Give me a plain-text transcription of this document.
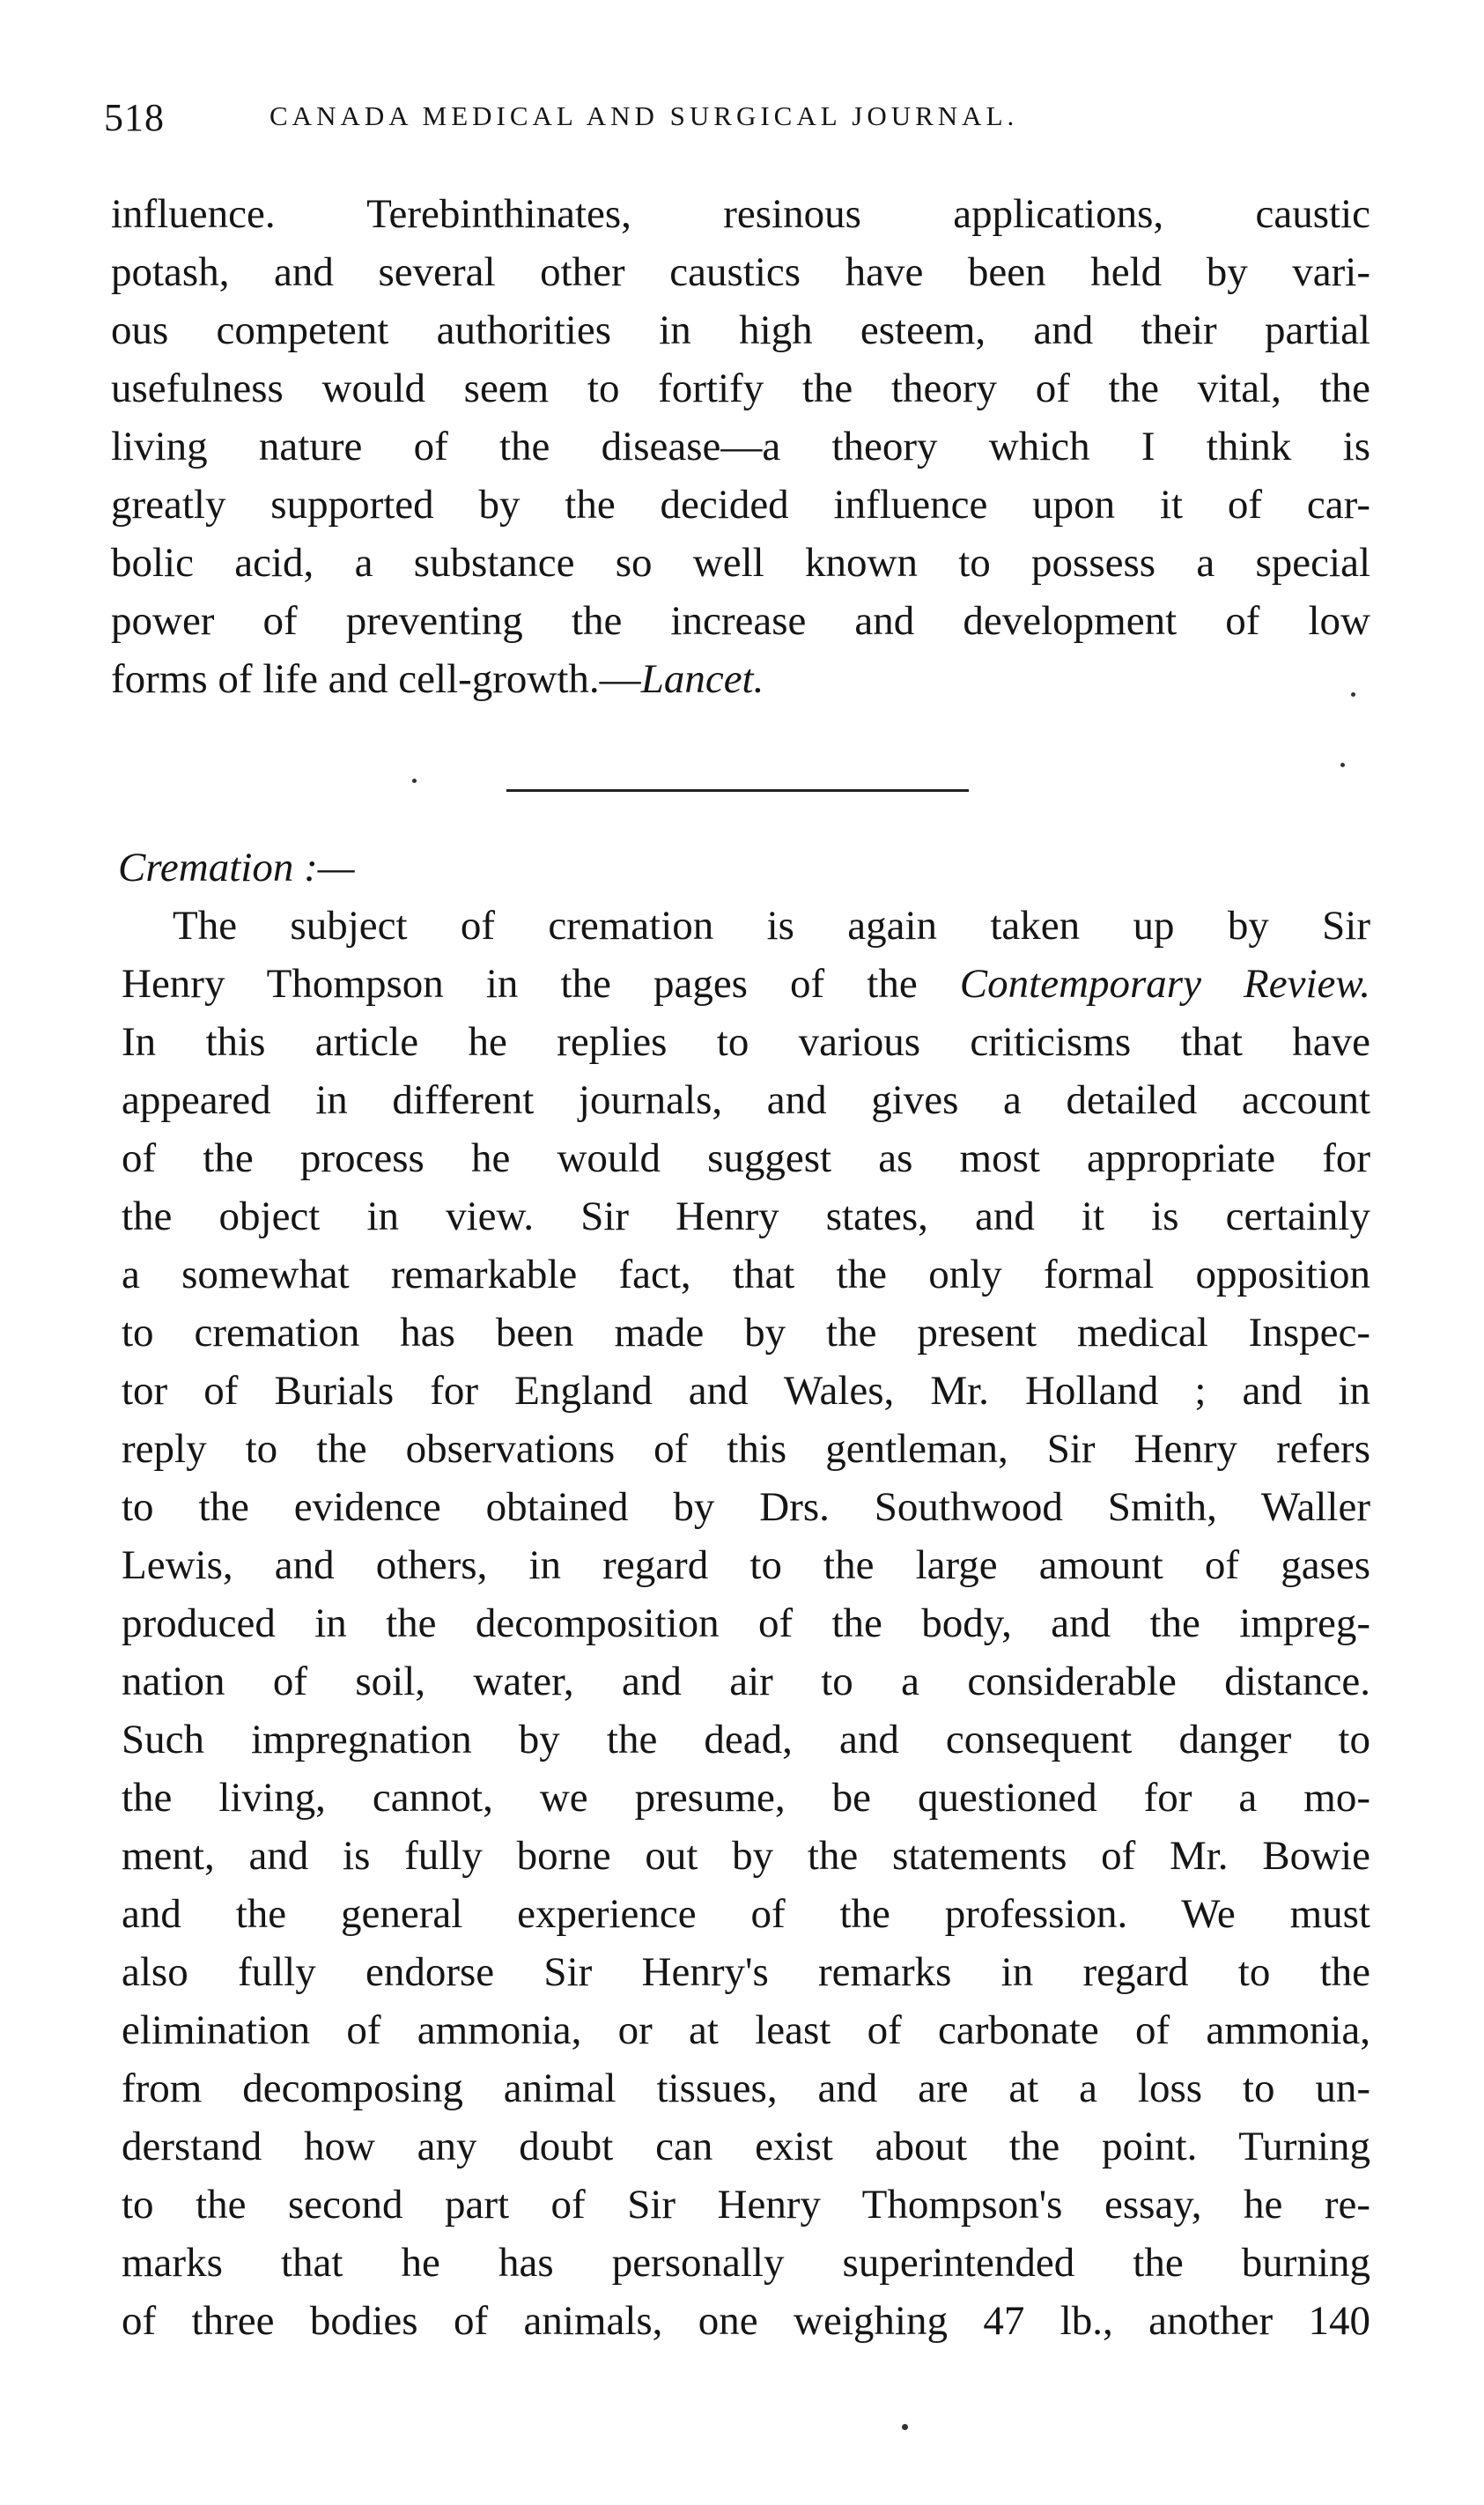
518	CANADA MEDICAL AND SURGICAL JOURNAL.
influence. Terebinthinates, resinous applications, caustic
potash, and several other caustics have been held by vari-
ous competent authorities in high esteem, and their partial
usefulness would seem to fortify the theory of the vital, the
living nature of the disease—a theory which I think is
greatly supported by the decided influence upon it of car-
bolic acid, a substance so well known to possess a special
power of preventing the increase and development of low
forms of life and cell-growth.—Lancet.
Cremation :—
The subject of cremation is again taken up by Sir
Henry Thompson in the pages of the Contemporary Review.
In this article he replies to various criticisms that have
appeared in different journals, and gives a detailed account
of the process he would suggest as most appropriate for
the object in view. Sir Henry states, and it is certainly
a somewhat remarkable fact, that the only formal opposition
to cremation has been made by the present medical Inspec-
tor of Burials for England and Wales, Mr. Holland ; and in
reply to the observations of this gentleman, Sir Henry refers
to the evidence obtained by Drs. Southwood Smith, Waller
Lewis, and others, in regard to the large amount of gases
produced in the decomposition of the body, and the impreg-
nation of soil, water, and air to a considerable distance.
Such impregnation by the dead, and consequent danger to
the living, cannot, we presume, be questioned for a mo-
ment, and is fully borne out by the statements of Mr. Bowie
and the general experience of the profession. We must
also fully endorse Sir Henry's remarks in regard to the
elimination of ammonia, or at least of carbonate of ammonia,
from decomposing animal tissues, and are at a loss to un-
derstand how any doubt can exist about the point. Turning
to the second part of Sir Henry Thompson's essay, he re-
marks that he has personally superintended the burning
of three bodies of animals, one weighing 47 lb., another 140
